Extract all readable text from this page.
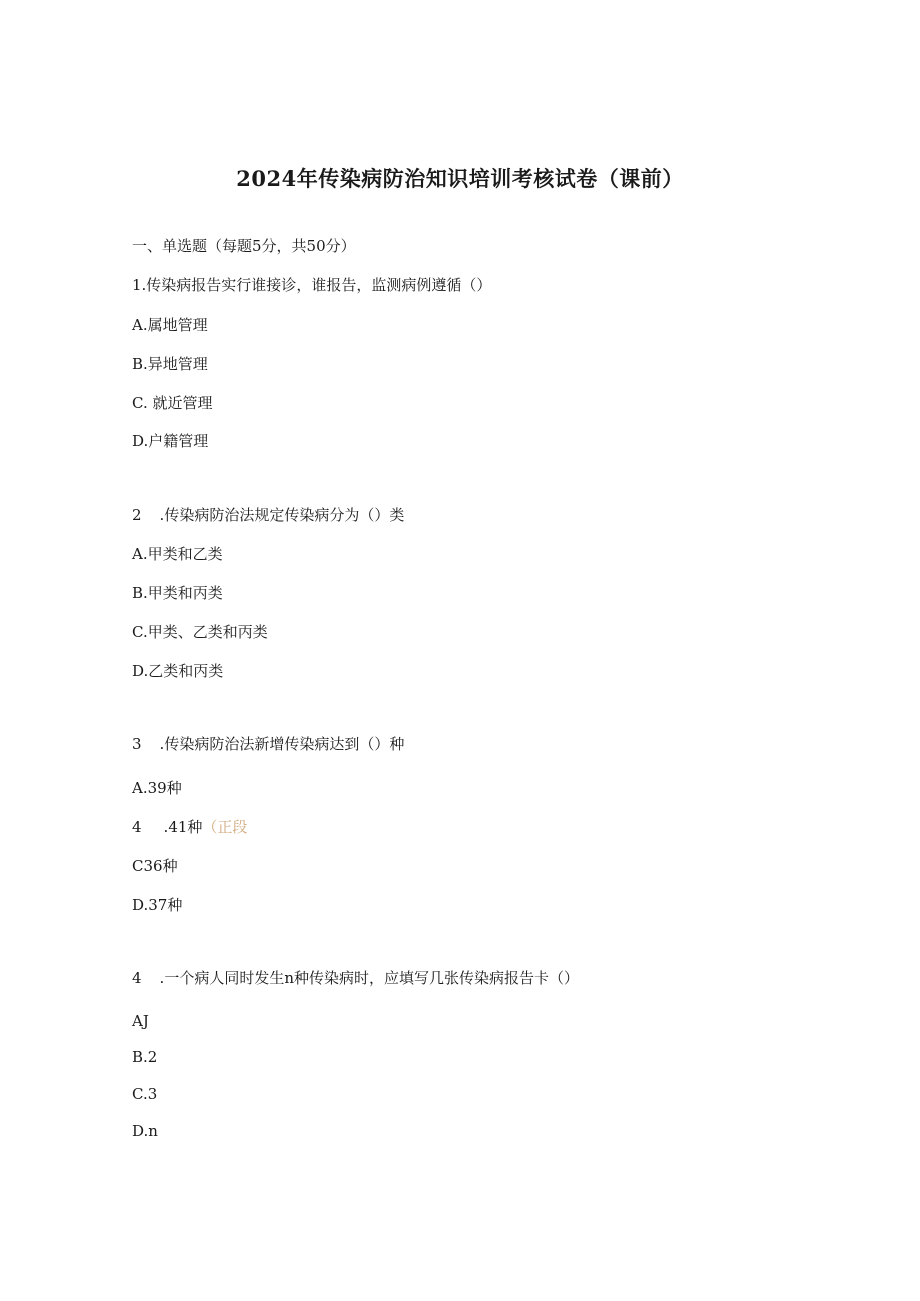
2024年传染病防治知识培训考核试卷（课前）
一、单选题（每题5分，共50分）
1.传染病报告实行谁接诊，谁报告，监测病例遵循（）
A.属地管理
B.异地管理
C. 就近管理
D.户籍管理
2 .传染病防治法规定传染病分为（）类
A.甲类和乙类
B.甲类和丙类
C.甲类、乙类和丙类
D.乙类和丙类
3 .传染病防治法新增传染病达到（）种
A.39种
4 .41种（正段
C36种
D.37种
4 .一个病人同时发生n种传染病时，应填写几张传染病报告卡（）
AJ
B.2
C.3
D.n
